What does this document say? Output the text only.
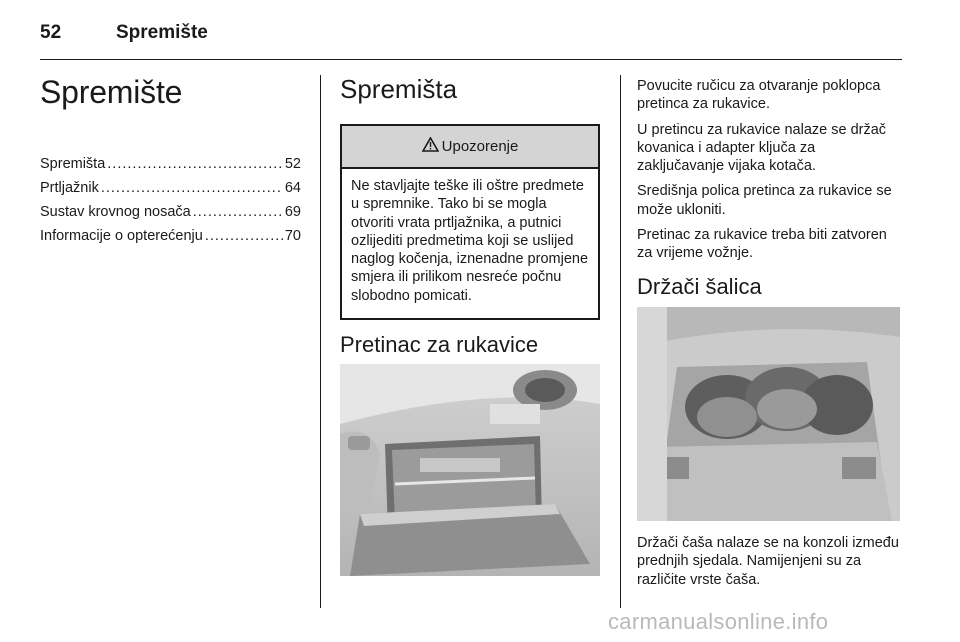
52	Spremište
Spremište
Spremišta .....	52
Prtljažnik .....	64
Sustav krovnog nosača .....	69
Informacije o opterećenju .....	70
Spremišta
Upozorenje
Ne stavljajte teške ili oštre predmete u spremnike. Tako bi se mogla otvoriti vrata prtljažnika, a putnici ozlijediti predmetima koji se uslijed naglog kočenja, iznenadne promjene smjera ili prilikom nesreće počnu slobodno pomicati.
Pretinac za rukavice

Povucite ručicu za otvaranje poklopca pretinca za rukavice.

U pretincu za rukavice nalaze se držač kovanica i adapter ključa za zaključavanje vijaka kotača.

Središnja polica pretinca za rukavice se može ukloniti.

Pretinac za rukavice treba biti zatvoren za vrijeme vožnje.

Držači šalica
Držači čaša nalaze se na konzoli između prednjih sjedala. Namijenjeni su za različite vrste čaša.
carmanualsonline.info
